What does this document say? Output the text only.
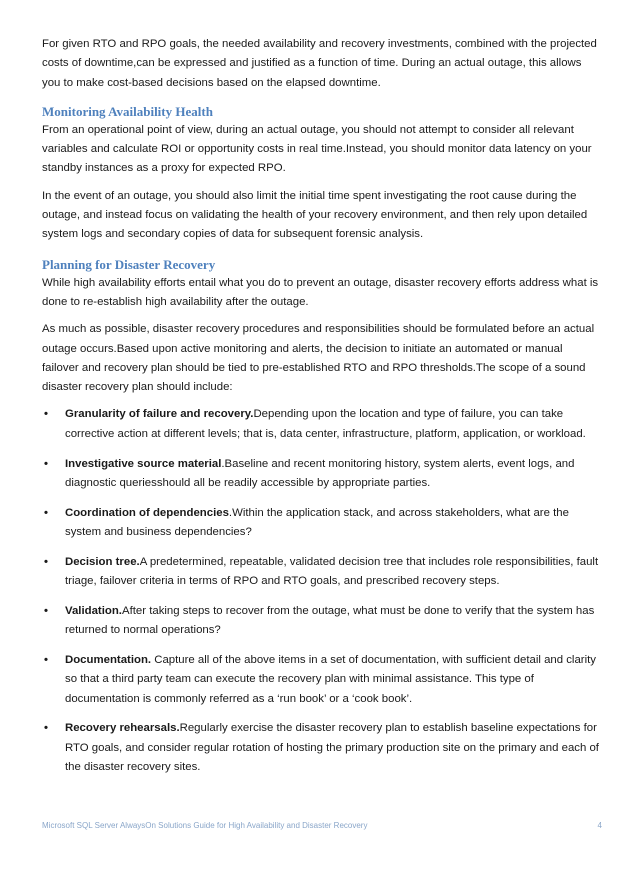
For given RTO and RPO goals, the needed availability and recovery investments, combined with the projected costs of downtime,can be expressed and justified as a function of time. During an actual outage, this allows you to make cost-based decisions based on the elapsed downtime.

Monitoring Availability Health

From an operational point of view, during an actual outage, you should not attempt to consider all relevant variables and calculate ROI or opportunity costs in real time.Instead, you should monitor data latency on your standby instances as a proxy for expected RPO.

In the event of an outage, you should also limit the initial time spent investigating the root cause during the outage, and instead focus on validating the health of your recovery environment, and then rely upon detailed system logs and secondary copies of data for subsequent forensic analysis.

Planning for Disaster Recovery

While high availability efforts entail what you do to prevent an outage, disaster recovery efforts address what is done to re-establish high availability after the outage.

As much as possible, disaster recovery procedures and responsibilities should be formulated before an actual outage occurs.Based upon active monitoring and alerts, the decision to initiate an automated or manual failover and recovery plan should be tied to pre-established RTO and RPO thresholds.The scope of a sound disaster recovery plan should include:

•	Granularity of failure and recovery.Depending upon the location and type of failure, you can take corrective action at different levels; that is, data center, infrastructure, platform, application, or workload.
•	Investigative source material.Baseline and recent monitoring history, system alerts, event logs, and diagnostic queriesshould all be readily accessible by appropriate parties.
•	Coordination of dependencies.Within the application stack, and across stakeholders, what are the system and business dependencies?
•	Decision tree.A predetermined, repeatable, validated decision tree that includes role responsibilities, fault triage, failover criteria in terms of RPO and RTO goals, and prescribed recovery steps.
•	Validation.After taking steps to recover from the outage, what must be done to verify that the system has returned to normal operations?
•	Documentation. Capture all of the above items in a set of documentation, with sufficient detail and clarity so that a third party team can execute the recovery plan with minimal assistance. This type of documentation is commonly referred as a ‘run book’ or a ‘cook book’.
•	Recovery rehearsals.Regularly exercise the disaster recovery plan to establish baseline expectations for RTO goals, and consider regular rotation of hosting the primary production site on the primary and each of the disaster recovery sites.
Microsoft SQL Server AlwaysOn Solutions Guide for High Availability and Disaster Recovery	4
